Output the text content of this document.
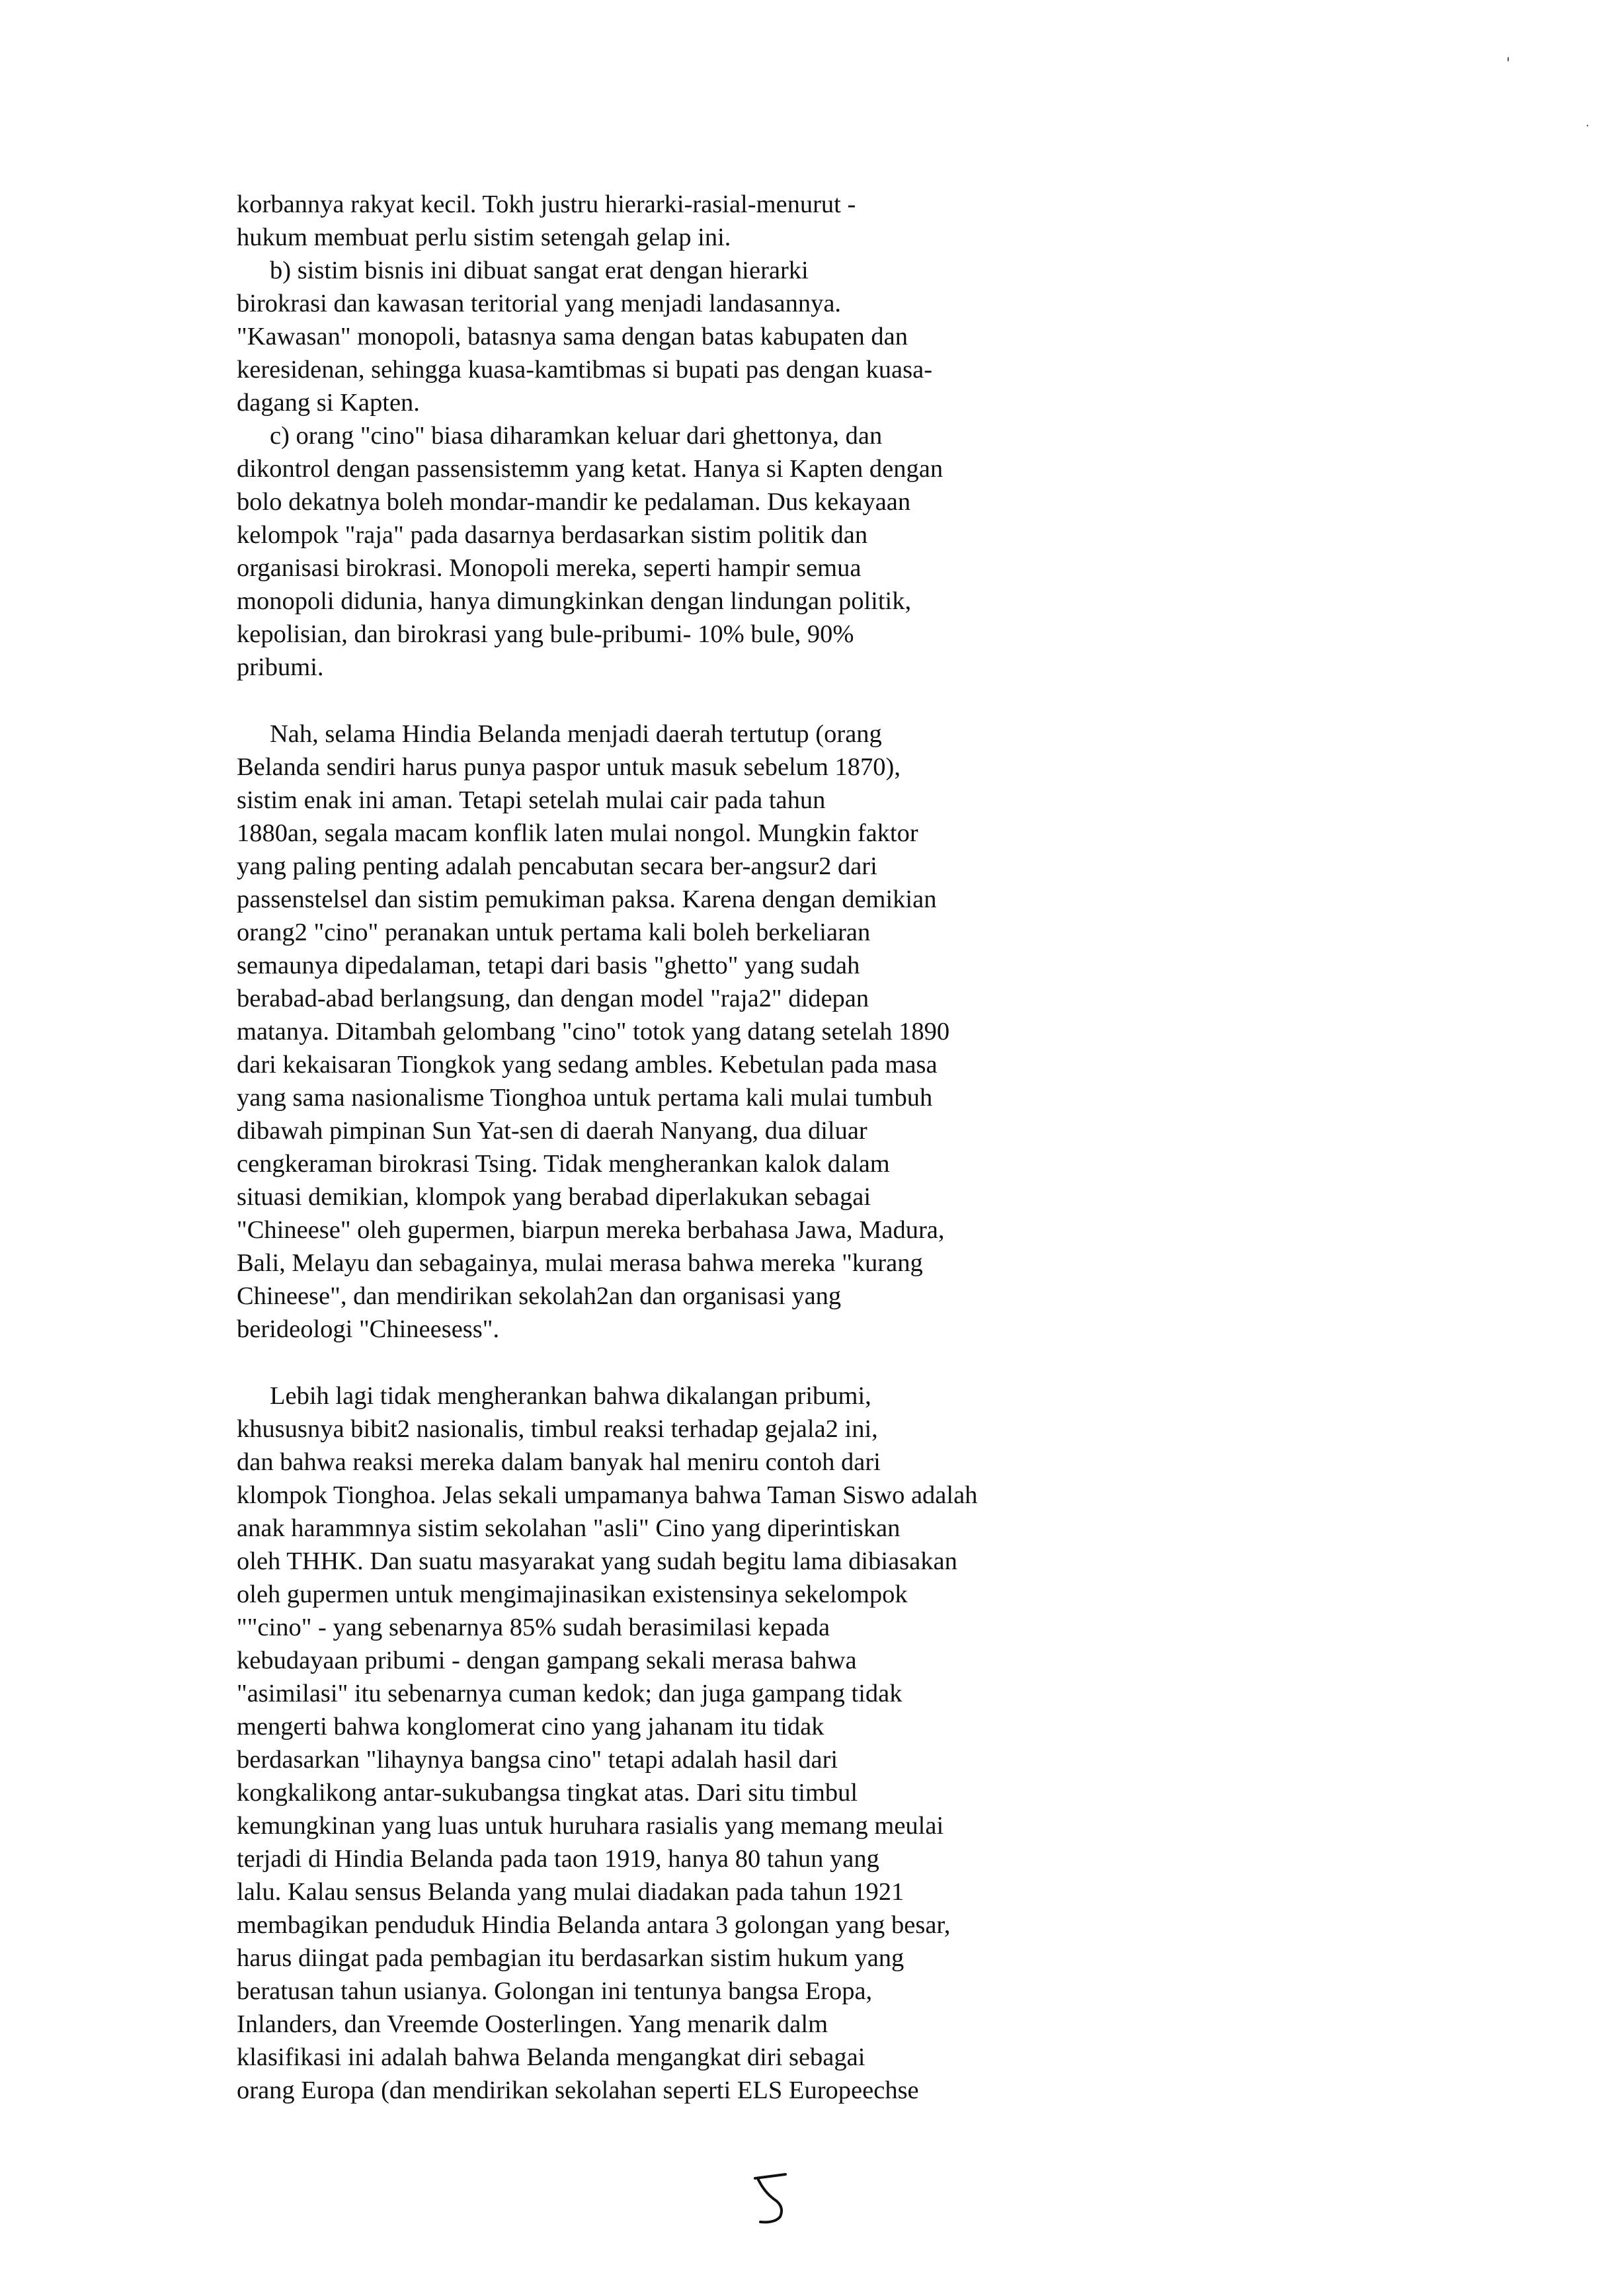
'
·
korbannya rakyat kecil. Tokh justru hierarki-rasial-menurut -
hukum membuat perlu sistim setengah gelap ini.
b) sistim bisnis ini dibuat sangat erat dengan hierarki
birokrasi dan kawasan teritorial yang menjadi landasannya.
"Kawasan" monopoli, batasnya sama dengan batas kabupaten dan
keresidenan, sehingga kuasa-kamtibmas si bupati pas dengan kuasa-
dagang si Kapten.
c) orang "cino" biasa diharamkan keluar dari ghettonya, dan
dikontrol dengan passensistemm yang ketat. Hanya si Kapten dengan
bolo dekatnya boleh mondar-mandir ke pedalaman. Dus kekayaan
kelompok "raja" pada dasarnya berdasarkan sistim politik dan
organisasi birokrasi. Monopoli mereka, seperti hampir semua
monopoli didunia, hanya dimungkinkan dengan lindungan politik,
kepolisian, dan birokrasi yang bule-pribumi- 10% bule, 90%
pribumi.
Nah, selama Hindia Belanda menjadi daerah tertutup (orang
Belanda sendiri harus punya paspor untuk masuk sebelum 1870),
sistim enak ini aman. Tetapi setelah mulai cair pada tahun
1880an, segala macam konflik laten mulai nongol. Mungkin faktor
yang paling penting adalah pencabutan secara ber-angsur2 dari
passenstelsel dan sistim pemukiman paksa. Karena dengan demikian
orang2 "cino" peranakan untuk pertama kali boleh berkeliaran
semaunya dipedalaman, tetapi dari basis "ghetto" yang sudah
berabad-abad berlangsung, dan dengan model "raja2" didepan
matanya. Ditambah gelombang "cino" totok yang datang setelah 1890
dari kekaisaran Tiongkok yang sedang ambles. Kebetulan pada masa
yang sama nasionalisme Tionghoa untuk pertama kali mulai tumbuh
dibawah pimpinan Sun Yat-sen di daerah Nanyang, dua diluar
cengkeraman birokrasi Tsing. Tidak mengherankan kalok dalam
situasi demikian, klompok yang berabad diperlakukan sebagai
"Chineese" oleh gupermen, biarpun mereka berbahasa Jawa, Madura,
Bali, Melayu dan sebagainya, mulai merasa bahwa mereka "kurang
Chineese", dan mendirikan sekolah2an dan organisasi yang
berideologi "Chineesess".
Lebih lagi tidak mengherankan bahwa dikalangan pribumi,
khususnya bibit2 nasionalis, timbul reaksi terhadap gejala2 ini,
dan bahwa reaksi mereka dalam banyak hal meniru contoh dari
klompok Tionghoa. Jelas sekali umpamanya bahwa Taman Siswo adalah
anak harammnya sistim sekolahan "asli" Cino yang diperintiskan
oleh THHK. Dan suatu masyarakat yang sudah begitu lama dibiasakan
oleh gupermen untuk mengimajinasikan existensinya sekelompok
""cino" - yang sebenarnya 85% sudah berasimilasi kepada
kebudayaan pribumi - dengan gampang sekali merasa bahwa
"asimilasi" itu sebenarnya cuman kedok; dan juga gampang tidak
mengerti bahwa konglomerat cino yang jahanam itu tidak
berdasarkan "lihaynya bangsa cino" tetapi adalah hasil dari
kongkalikong antar-sukubangsa tingkat atas. Dari situ timbul
kemungkinan yang luas untuk huruhara rasialis yang memang meulai
terjadi di Hindia Belanda pada taon 1919, hanya 80 tahun yang
lalu. Kalau sensus Belanda yang mulai diadakan pada tahun 1921
membagikan penduduk Hindia Belanda antara 3 golongan yang besar,
harus diingat pada pembagian itu berdasarkan sistim hukum yang
beratusan tahun usianya. Golongan ini tentunya bangsa Eropa,
Inlanders, dan Vreemde Oosterlingen. Yang menarik dalm
klasifikasi ini adalah bahwa Belanda mengangkat diri sebagai
orang Europa (dan mendirikan sekolahan seperti ELS Europeechse
